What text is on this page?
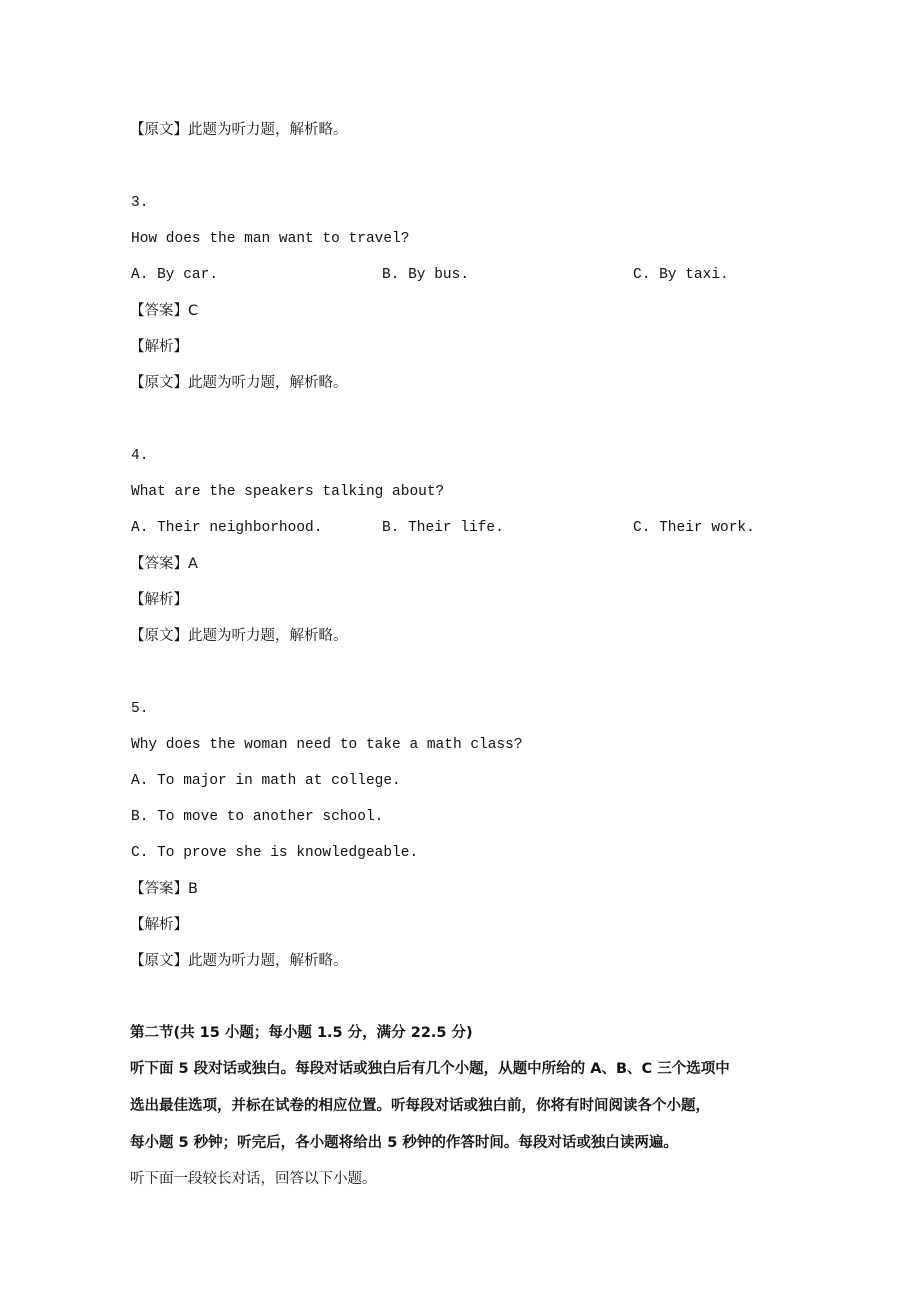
【原文】此题为听力题，解析略。
3.
How does the man want to travel?
A. By car.	B. By bus.	C. By taxi.
【答案】C
【解析】
【原文】此题为听力题，解析略。
4.
What are the speakers talking about?
A. Their neighborhood.	B. Their life.	C. Their work.
【答案】A
【解析】
【原文】此题为听力题，解析略。
5.
Why does the woman need to take a math class?
A. To major in math at college.
B. To move to another school.
C. To prove she is knowledgeable.
【答案】B
【解析】
【原文】此题为听力题，解析略。
第二节(共 15 小题；每小题 1.5 分，满分 22.5 分)
听下面 5 段对话或独白。每段对话或独白后有几个小题，从题中所给的 A、B、C 三个选项中
选出最佳选项，并标在试卷的相应位置。听每段对话或独白前，你将有时间阅读各个小题，
每小题 5 秒钟；听完后，各小题将给出 5 秒钟的作答时间。每段对话或独白读两遍。
听下面一段较长对话，回答以下小题。
